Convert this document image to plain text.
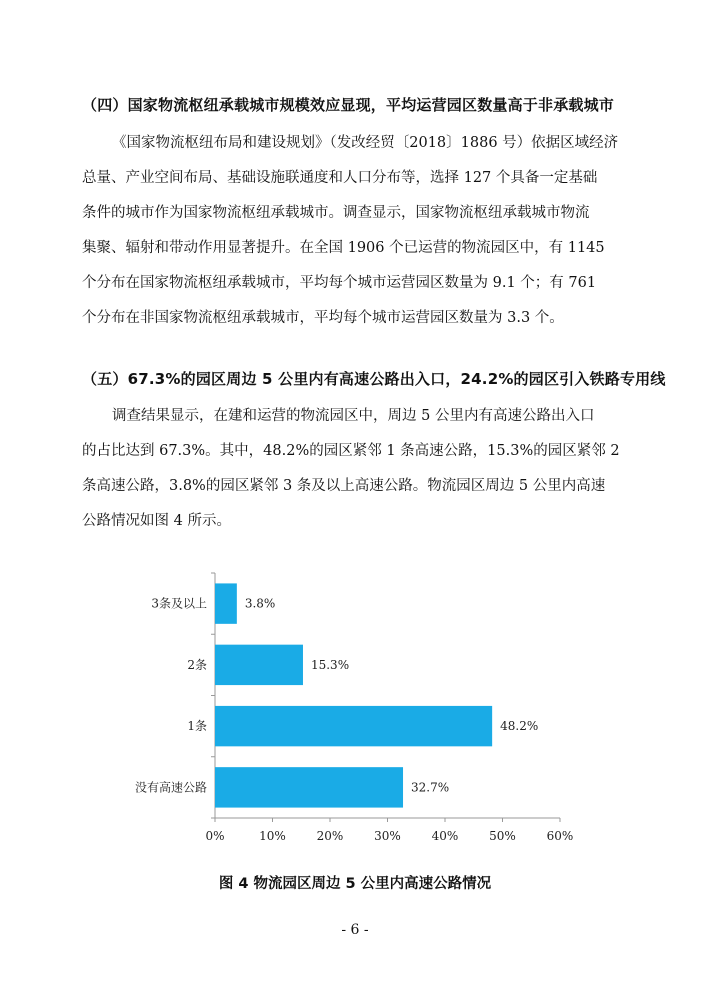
（四）国家物流枢纽承载城市规模效应显现，平均运营园区数量高于非承载城市
《国家物流枢纽布局和建设规划》（发改经贸〔2018〕1886 号）依据区域经济
总量、产业空间布局、基础设施联通度和人口分布等，选择 127 个具备一定基础
条件的城市作为国家物流枢纽承载城市。调查显示，国家物流枢纽承载城市物流
集聚、辐射和带动作用显著提升。在全国 1906 个已运营的物流园区中，有 1145
个分布在国家物流枢纽承载城市，平均每个城市运营园区数量为 9.1 个；有 761
个分布在非国家物流枢纽承载城市，平均每个城市运营园区数量为 3.3 个。
（五）67.3%的园区周边 5 公里内有高速公路出入口，24.2%的园区引入铁路专用线
调查结果显示，在建和运营的物流园区中，周边 5 公里内有高速公路出入口
的占比达到 67.3%。其中，48.2%的园区紧邻 1 条高速公路，15.3%的园区紧邻 2
条高速公路，3.8%的园区紧邻 3 条及以上高速公路。物流园区周边 5 公里内高速
公路情况如图 4 所示。
0%	10%	20%	30%	40%	50%	60%
3条及以上	3.8%
2条	15.3%
1条	48.2%
没有高速公路	32.7%
图 4 物流园区周边 5 公里内高速公路情况
- 6 -
